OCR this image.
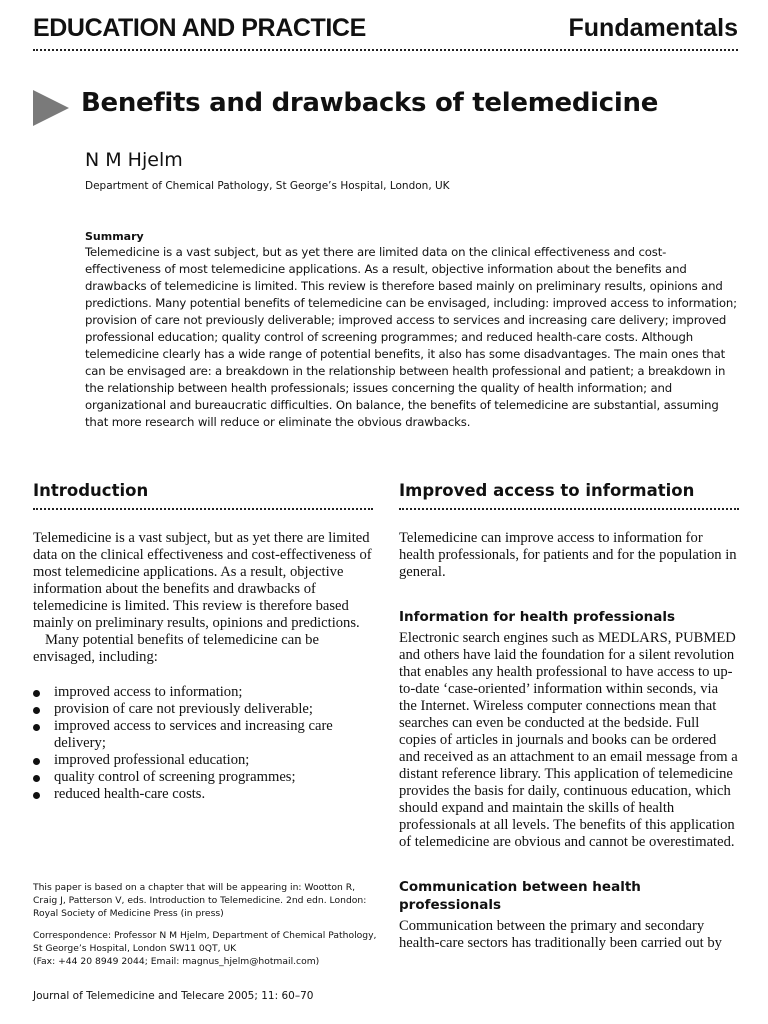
EDUCATION AND PRACTICE	Fundamentals
Benefits and drawbacks of telemedicine
N M Hjelm
Department of Chemical Pathology, St George’s Hospital, London, UK
Summary

Telemedicine is a vast subject, but as yet there are limited data on the clinical effectiveness and cost-effectiveness of most telemedicine applications. As a result, objective information about the benefits and drawbacks of telemedicine is limited. This review is therefore based mainly on preliminary results, opinions and predictions. Many potential benefits of telemedicine can be envisaged, including: improved access to information; provision of care not previously deliverable; improved access to services and increasing care delivery; improved professional education; quality control of screening programmes; and reduced health-care costs. Although telemedicine clearly has a wide range of potential benefits, it also has some disadvantages. The main ones that can be envisaged are: a breakdown in the relationship between health professional and patient; a breakdown in the relationship between health professionals; issues concerning the quality of health information; and organizational and bureaucratic difficulties. On balance, the benefits of telemedicine are substantial, assuming that more research will reduce or eliminate the obvious drawbacks.

Introduction

Telemedicine is a vast subject, but as yet there are limited data on the clinical effectiveness and cost-effectiveness of most telemedicine applications. As a result, objective information about the benefits and drawbacks of telemedicine is limited. This review is therefore based mainly on preliminary results, opinions and predictions.

Many potential benefits of telemedicine can be envisaged, including:

improved access to information;
provision of care not previously deliverable;
improved access to services and increasing care delivery;
improved professional education;
quality control of screening programmes;
reduced health-care costs.

This paper is based on a chapter that will be appearing in: Wootton R, Craig J, Patterson V, eds. Introduction to Telemedicine. 2nd edn. London: Royal Society of Medicine Press (in press)

Correspondence: Professor N M Hjelm, Department of Chemical Pathology, St George’s Hospital, London SW11 0QT, UK

(Fax: +44 20 8949 2044; Email: magnus_hjelm@hotmail.com)

Journal of Telemedicine and Telecare 2005; 11: 60–70
Improved access to information

Telemedicine can improve access to information for health professionals, for patients and for the population in general.

Information for health professionals

Electronic search engines such as MEDLARS, PUBMED and others have laid the foundation for a silent revolution that enables any health professional to have access to up-to-date ‘case-oriented’ information within seconds, via the Internet. Wireless computer connections mean that searches can even be conducted at the bedside. Full copies of articles in journals and books can be ordered and received as an attachment to an email message from a distant reference library. This application of telemedicine provides the basis for daily, continuous education, which should expand and maintain the skills of health professionals at all levels. The benefits of this application of telemedicine are obvious and cannot be overestimated.

Communication between health professionals

Communication between the primary and secondary health-care sectors has traditionally been carried out by
